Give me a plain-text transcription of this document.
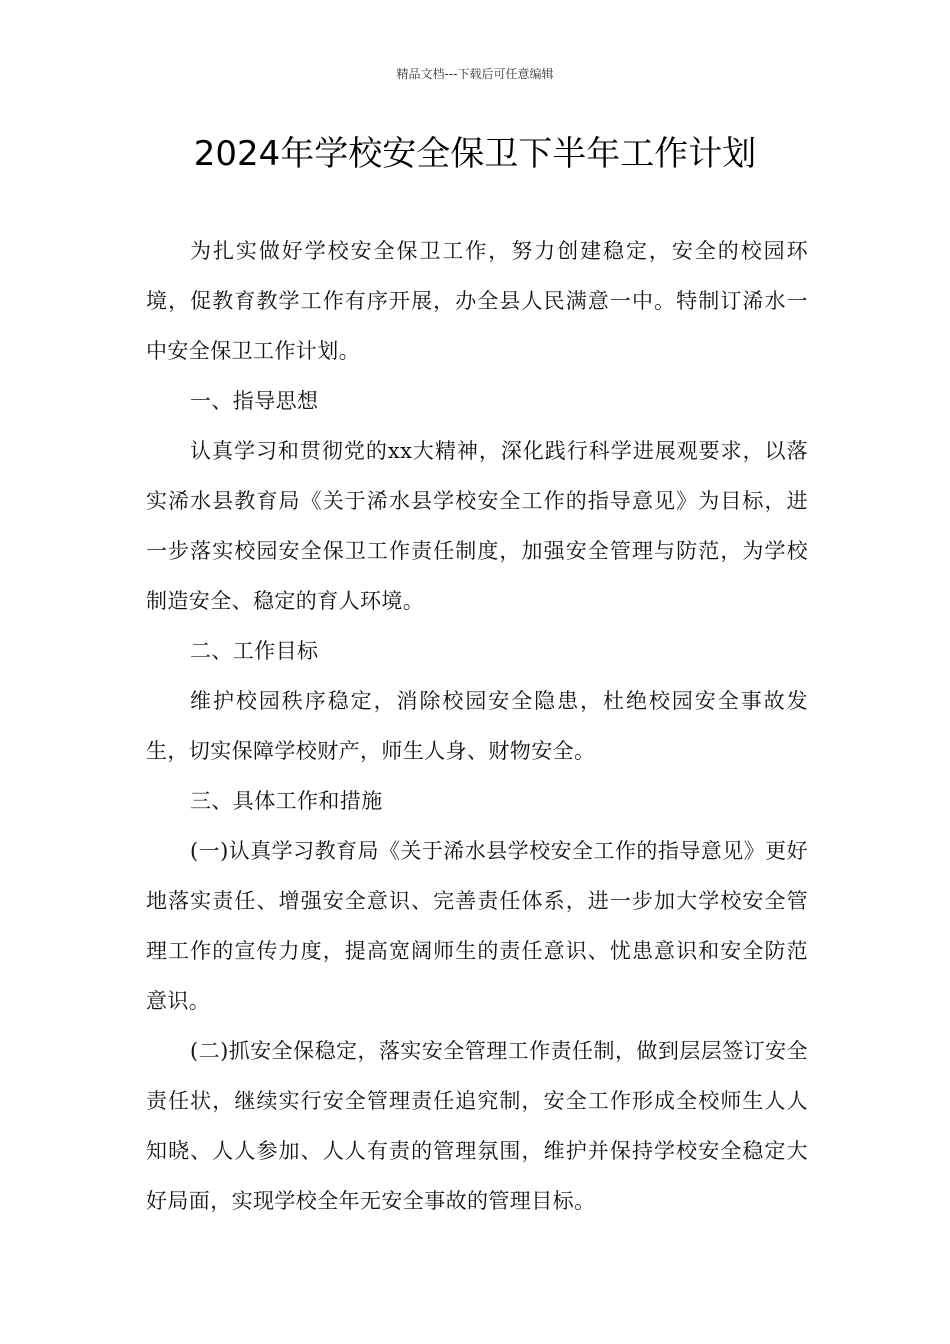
精品文档---下载后可任意编辑
2024年学校安全保卫下半年工作计划

为扎实做好学校安全保卫工作，努力创建稳定，安全的校园环境，促教育教学工作有序开展，办全县人民满意一中。特制订浠水一中安全保卫工作计划。

一、指导思想

认真学习和贯彻党的xx大精神，深化践行科学进展观要求，以落实浠水县教育局《关于浠水县学校安全工作的指导意见》为目标，进一步落实校园安全保卫工作责任制度，加强安全管理与防范，为学校制造安全、稳定的育人环境。

二、工作目标

维护校园秩序稳定，消除校园安全隐患，杜绝校园安全事故发生，切实保障学校财产，师生人身、财物安全。

三、具体工作和措施

(一)认真学习教育局《关于浠水县学校安全工作的指导意见》更好地落实责任、增强安全意识、完善责任体系，进一步加大学校安全管理工作的宣传力度，提高宽阔师生的责任意识、忧患意识和安全防范意识。

(二)抓安全保稳定，落实安全管理工作责任制，做到层层签订安全责任状，继续实行安全管理责任追究制，安全工作形成全校师生人人知晓、人人参加、人人有责的管理氛围，维护并保持学校安全稳定大好局面，实现学校全年无安全事故的管理目标。
